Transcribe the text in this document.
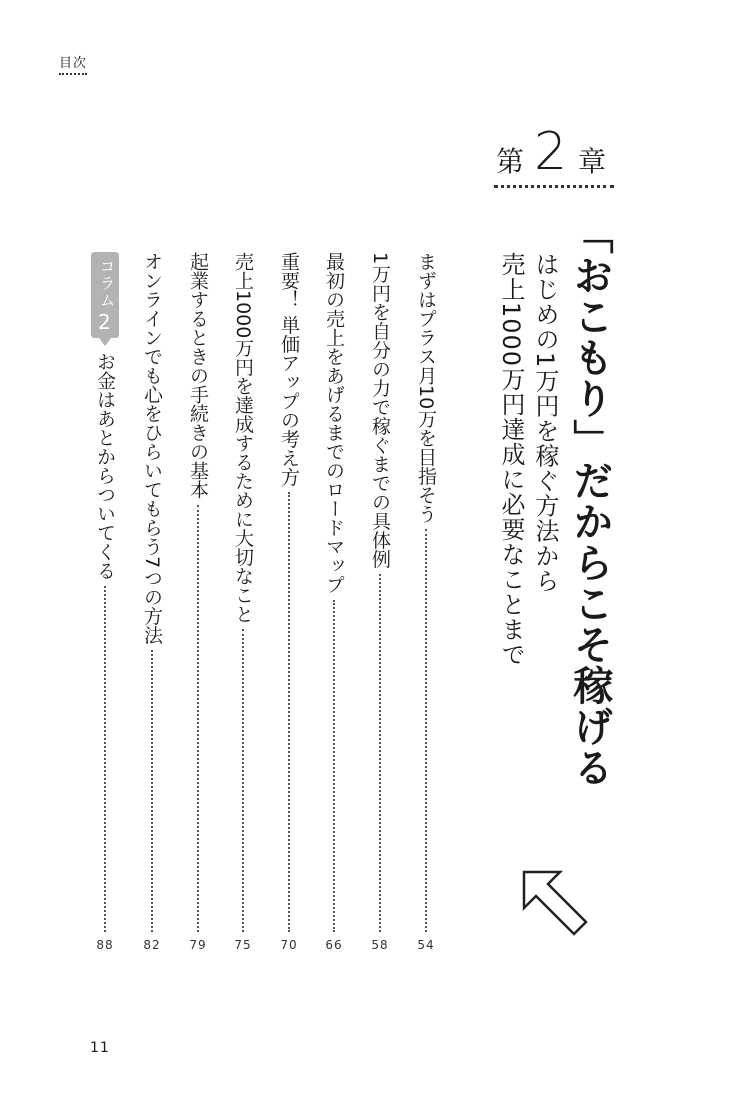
目次
第 2 章
「おこもり」だからこそ稼げる
はじめの1万円を稼ぐ方法から
売上1000万円達成に必要なことまで
まずはプラス月10万を目指そう
54
1万円を自分の力で稼ぐまでの具体例
58
最初の売上をあげるまでのロードマップ
66
重要！ 単価アップの考え方
70
売上1000万円を達成するために大切なこと
75
起業するときの手続きの基本
79
オンラインでも心をひらいてもらう7つの方法
82
コラム
2
お金はあとからついてくる
88
11
